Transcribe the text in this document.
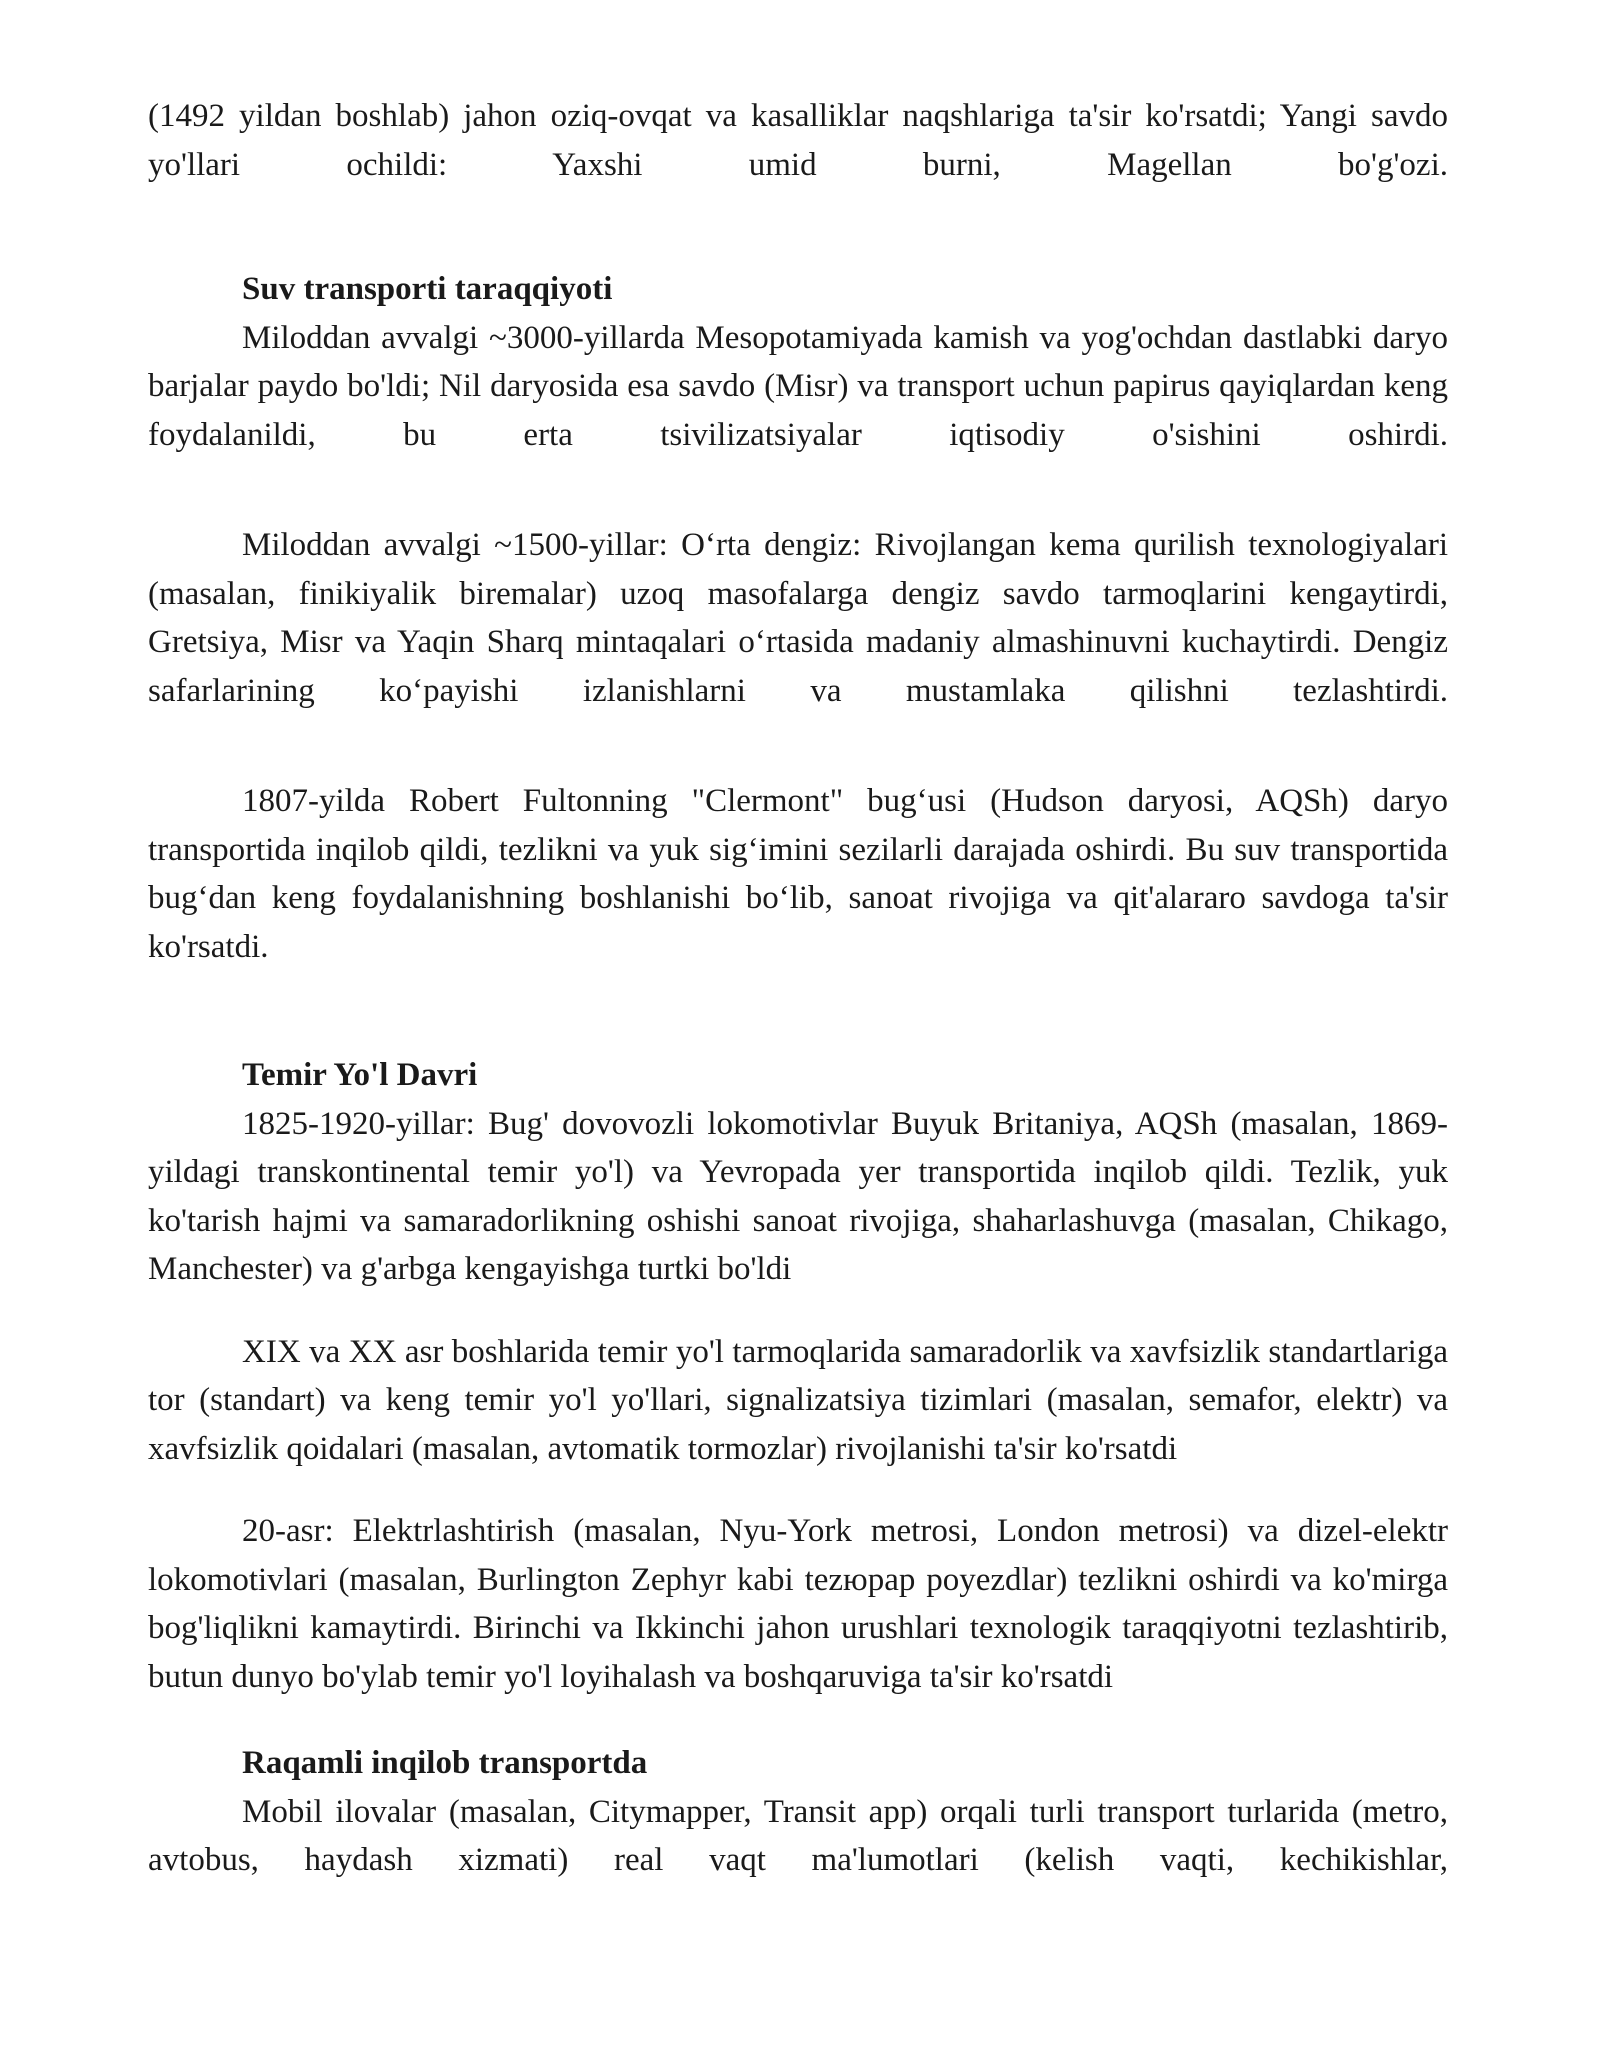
(1492 yildan boshlab) jahon oziq-ovqat va kasalliklar naqshlariga ta'sir ko'rsatdi; Yangi savdo yo'llari ochildi: Yaxshi umid burni, Magellan bo'g'ozi.

Suv transporti taraqqiyoti

Miloddan avvalgi ~3000-yillarda Mesopotamiyada kamish va yog'ochdan dastlabki daryo barjalar paydo bo'ldi; Nil daryosida esa savdo (Misr) va transport uchun papirus qayiqlardan keng foydalanildi, bu erta tsivilizatsiyalar iqtisodiy o'sishini oshirdi.

Miloddan avvalgi ~1500-yillar: O‘rta dengiz: Rivojlangan kema qurilish texnologiyalari (masalan, finikiyalik biremalar) uzoq masofalarga dengiz savdo tarmoqlarini kengaytirdi, Gretsiya, Misr va Yaqin Sharq mintaqalari o‘rtasida madaniy almashinuvni kuchaytirdi. Dengiz safarlarining ko‘payishi izlanishlarni va mustamlaka qilishni tezlashtirdi.

1807-yilda Robert Fultonning "Clermont" bug‘usi (Hudson daryosi, AQSh) daryo transportida inqilob qildi, tezlikni va yuk sig‘imini sezilarli darajada oshirdi. Bu suv transportida bug‘dan keng foydalanishning boshlanishi bo‘lib, sanoat rivojiga va qit'alararo savdoga ta'sir ko'rsatdi.

Temir Yo'l Davri

1825-1920-yillar: Bug' dovovozli lokomotivlar Buyuk Britaniya, AQSh (masalan, 1869-yildagi transkontinental temir yo'l) va Yevropada yer transportida inqilob qildi. Tezlik, yuk ko'tarish hajmi va samaradorlikning oshishi sanoat rivojiga, shaharlashuvga (masalan, Chikago, Manchester) va g'arbga kengayishga turtki bo'ldi

XIX va XX asr boshlarida temir yo'l tarmoqlarida samaradorlik va xavfsizlik standartlariga tor (standart) va keng temir yo'l yo'llari, signalizatsiya tizimlari (masalan, semafor, elektr) va xavfsizlik qoidalari (masalan, avtomatik tormozlar) rivojlanishi ta'sir ko'rsatdi

20-asr: Elektrlashtirish (masalan, Nyu-York metrosi, London metrosi) va dizel-elektr lokomotivlari (masalan, Burlington Zephyr kabi tezюрap poyezdlar) tezlikni oshirdi va ko'mirga bog'liqlikni kamaytirdi. Birinchi va Ikkinchi jahon urushlari texnologik taraqqiyotni tezlashtirib, butun dunyo bo'ylab temir yo'l loyihalash va boshqaruviga ta'sir ko'rsatdi

Raqamli inqilob transportda

Mobil ilovalar (masalan, Citymapper, Transit app) orqali turli transport turlarida (metro, avtobus, haydash xizmati) real vaqt ma'lumotlari (kelish vaqti, kechikishlar,
